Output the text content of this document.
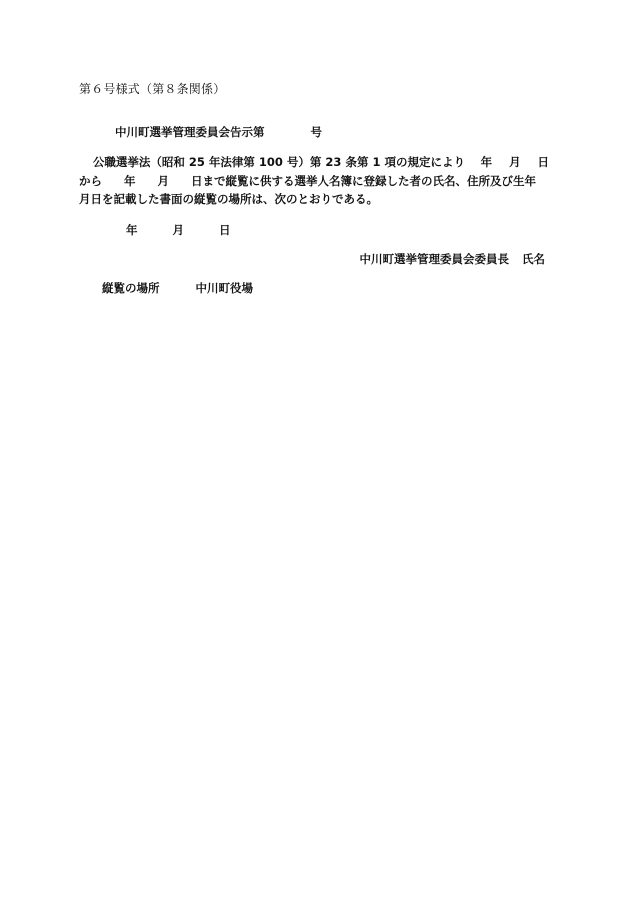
第６号様式（第８条関係）
中川町選挙管理委員会告示第	号
公職選挙法（昭和 25 年法律第 100 号）第 23 条第 1 項の規定により 年 月 日
から 年 月 日まで縦覧に供する選挙人名簿に登録した者の氏名、住所及び生年
月日を記載した書面の縦覧の場所は、次のとおりである。
年	月	日
中川町選挙管理委員会委員長 氏名
縦覧の場所	中川町役場
